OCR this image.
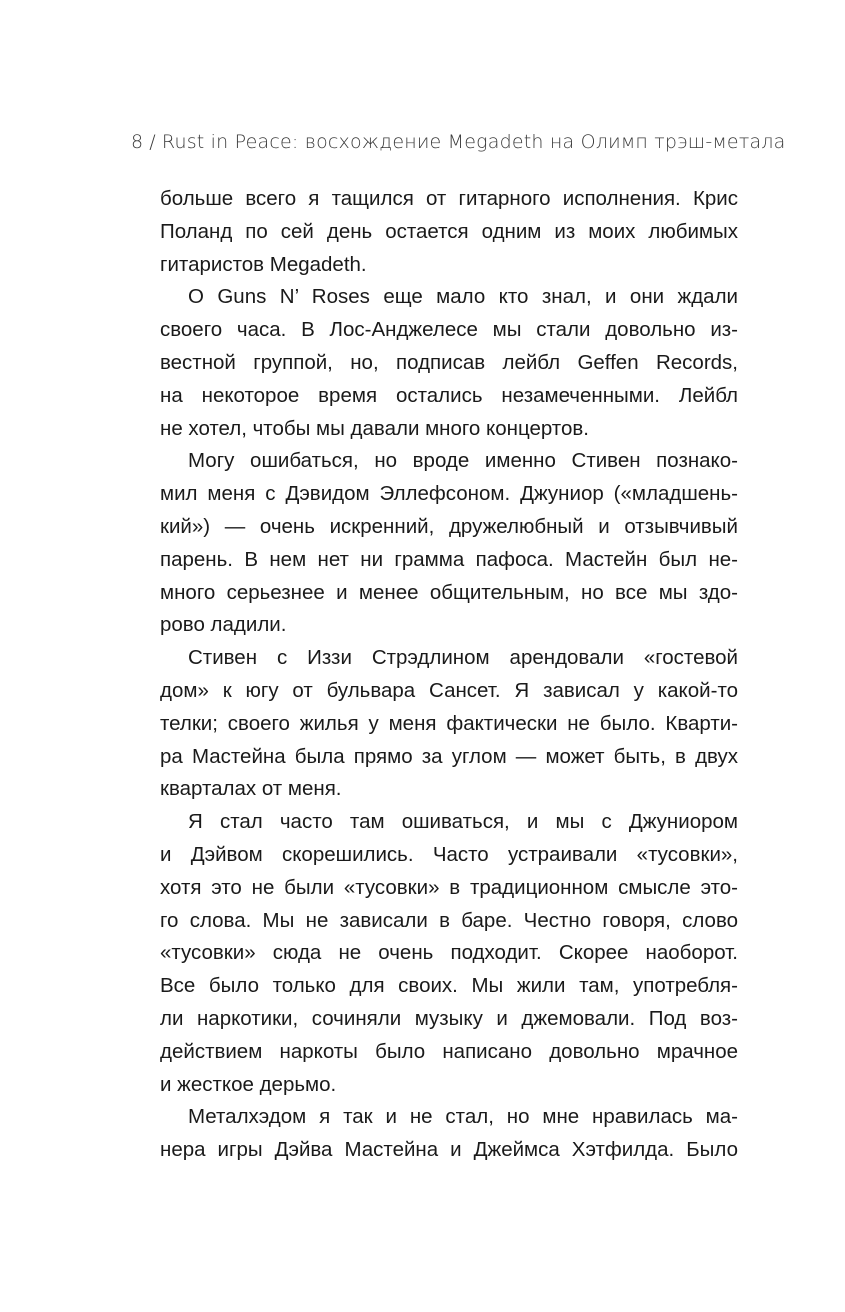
8 / Rust in Peace: восхождение Megadeth на Олимп трэш-метала
больше всего я тащился от гитарного исполнения. Крис
Поланд по сей день остается одним из моих любимых
гитаристов Megadeth.
О Guns N’ Roses еще мало кто знал, и они ждали
своего часа. В Лос-Анджелесе мы стали довольно из-
вестной группой, но, подписав лейбл Geffen Records,
на некоторое время остались незамеченными. Лейбл
не хотел, чтобы мы давали много концертов.
Могу ошибаться, но вроде именно Стивен познако-
мил меня с Дэвидом Эллефсоном. Джуниор («младшень-
кий») — очень искренний, дружелюбный и отзывчивый
парень. В нем нет ни грамма пафоса. Мастейн был не-
много серьезнее и менее общительным, но все мы здо-
рово ладили.
Стивен с Иззи Стрэдлином арендовали «гостевой
дом» к югу от бульвара Сансет. Я зависал у какой-то
телки; своего жилья у меня фактически не было. Кварти-
ра Мастейна была прямо за углом — может быть, в двух
кварталах от меня.
Я стал часто там ошиваться, и мы с Джуниором
и Дэйвом скорешились. Часто устраивали «тусовки»,
хотя это не были «тусовки» в традиционном смысле это-
го слова. Мы не зависали в баре. Честно говоря, слово
«тусовки» сюда не очень подходит. Скорее наоборот.
Все было только для своих. Мы жили там, употребля-
ли наркотики, сочиняли музыку и джемовали. Под воз-
действием наркоты было написано довольно мрачное
и жесткое дерьмо.
Металхэдом я так и не стал, но мне нравилась ма-
нера игры Дэйва Мастейна и Джеймса Хэтфилда. Было
